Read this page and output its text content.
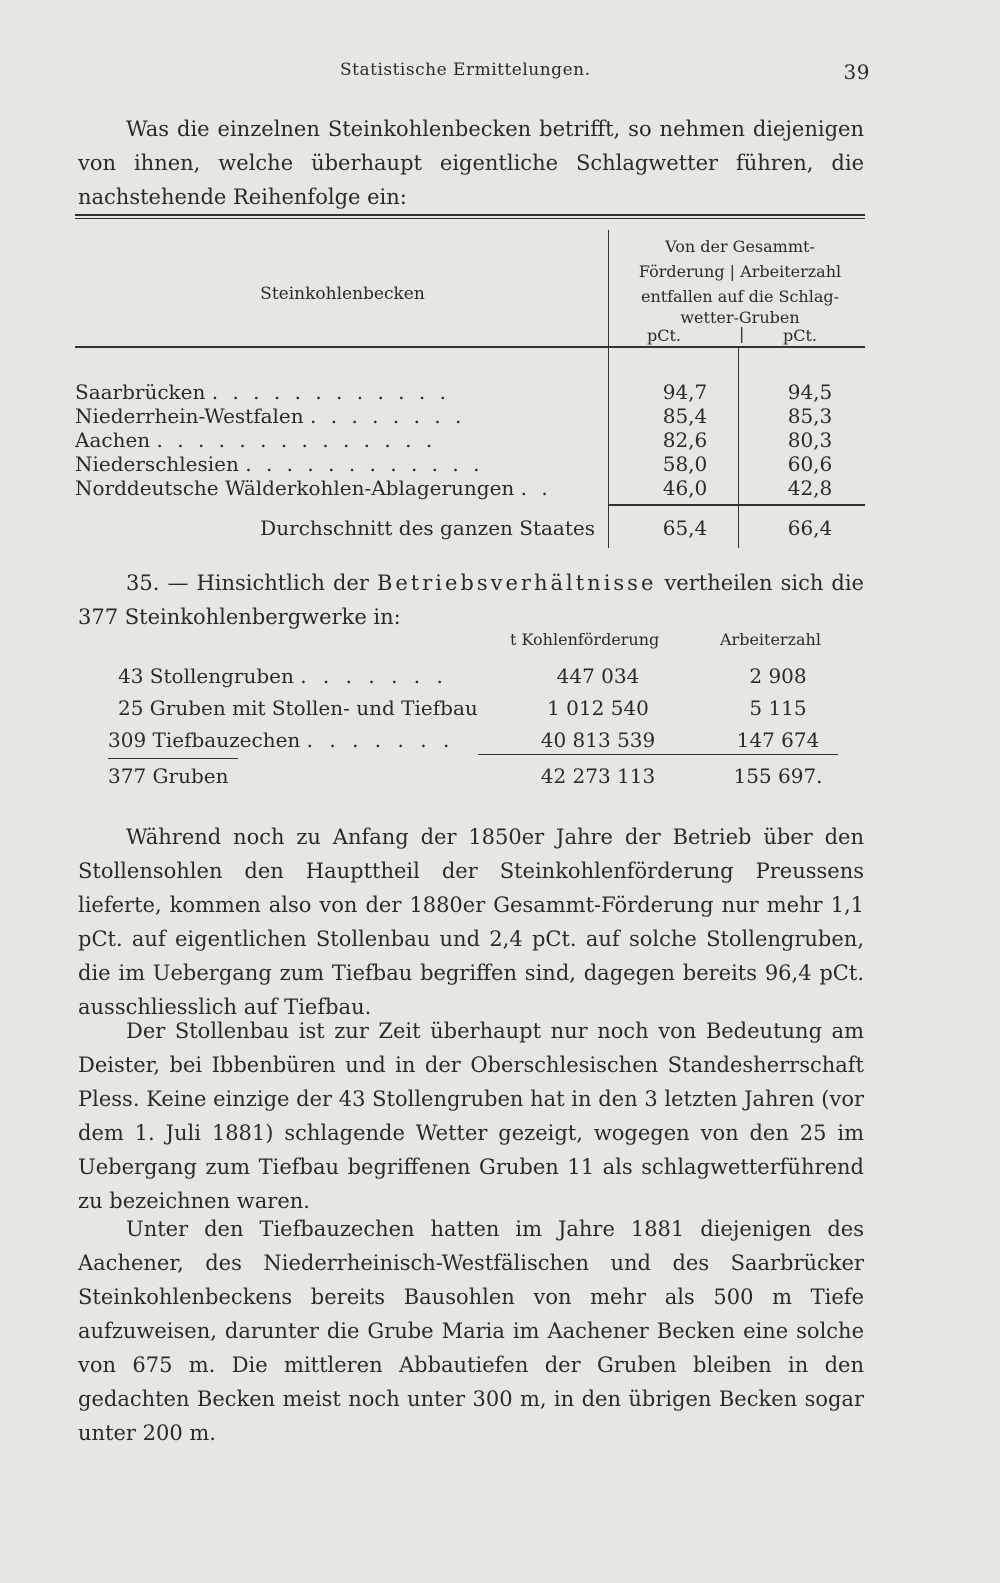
Statistische Ermittelungen.	39
Was die einzelnen Steinkohlenbecken betrifft, so nehmen diejenigen von ihnen, welche überhaupt eigentliche Schlagwetter führen, die nachstehende Reihenfolge ein:
Steinkohlenbecken
Von der Gesammt-
Förderung | Arbeiterzahl
entfallen auf die Schlag-
wetter-Gruben
pCt.	| pCt.
Saarbrücken . . . . . . . . . . . .	94,7	94,5
Niederrhein-Westfalen . . . . . . . .	85,4	85,3
Aachen . . . . . . . . . . . . . .	82,6	80,3
Niederschlesien . . . . . . . . . . . .	58,0	60,6
Norddeutsche Wälderkohlen-Ablagerungen . .	46,0	42,8
Durchschnitt des ganzen Staates	65,4	66,4
35. — Hinsichtlich der Betriebsverhältnisse vertheilen sich die 377 Steinkohlenbergwerke in:
t Kohlenförderung	Arbeiterzahl
43 Stollengruben . . . . . . .	447 034	2 908
25 Gruben mit Stollen- und Tiefbau	1 012 540	5 115
309 Tiefbauzechen . . . . . . .	40 813 539	147 674
377 Gruben	42 273 113	155 697.
Während noch zu Anfang der 1850er Jahre der Betrieb über den Stollensohlen den Haupttheil der Steinkohlenförderung Preussens lieferte, kommen also von der 1880er Gesammt-Förderung nur mehr 1,1 pCt. auf eigentlichen Stollenbau und 2,4 pCt. auf solche Stollengruben, die im Uebergang zum Tiefbau begriffen sind, dagegen bereits 96,4 pCt. ausschliesslich auf Tiefbau.
Der Stollenbau ist zur Zeit überhaupt nur noch von Bedeutung am Deister, bei Ibbenbüren und in der Oberschlesischen Standesherrschaft Pless. Keine einzige der 43 Stollengruben hat in den 3 letzten Jahren (vor dem 1. Juli 1881) schlagende Wetter gezeigt, wogegen von den 25 im Uebergang zum Tiefbau begriffenen Gruben 11 als schlagwetterführend zu bezeichnen waren.
Unter den Tiefbauzechen hatten im Jahre 1881 diejenigen des Aachener, des Niederrheinisch-Westfälischen und des Saarbrücker Steinkohlenbeckens bereits Bausohlen von mehr als 500 m Tiefe aufzuweisen, darunter die Grube Maria im Aachener Becken eine solche von 675 m. Die mittleren Abbautiefen der Gruben bleiben in den gedachten Becken meist noch unter 300 m, in den übrigen Becken sogar unter 200 m.
